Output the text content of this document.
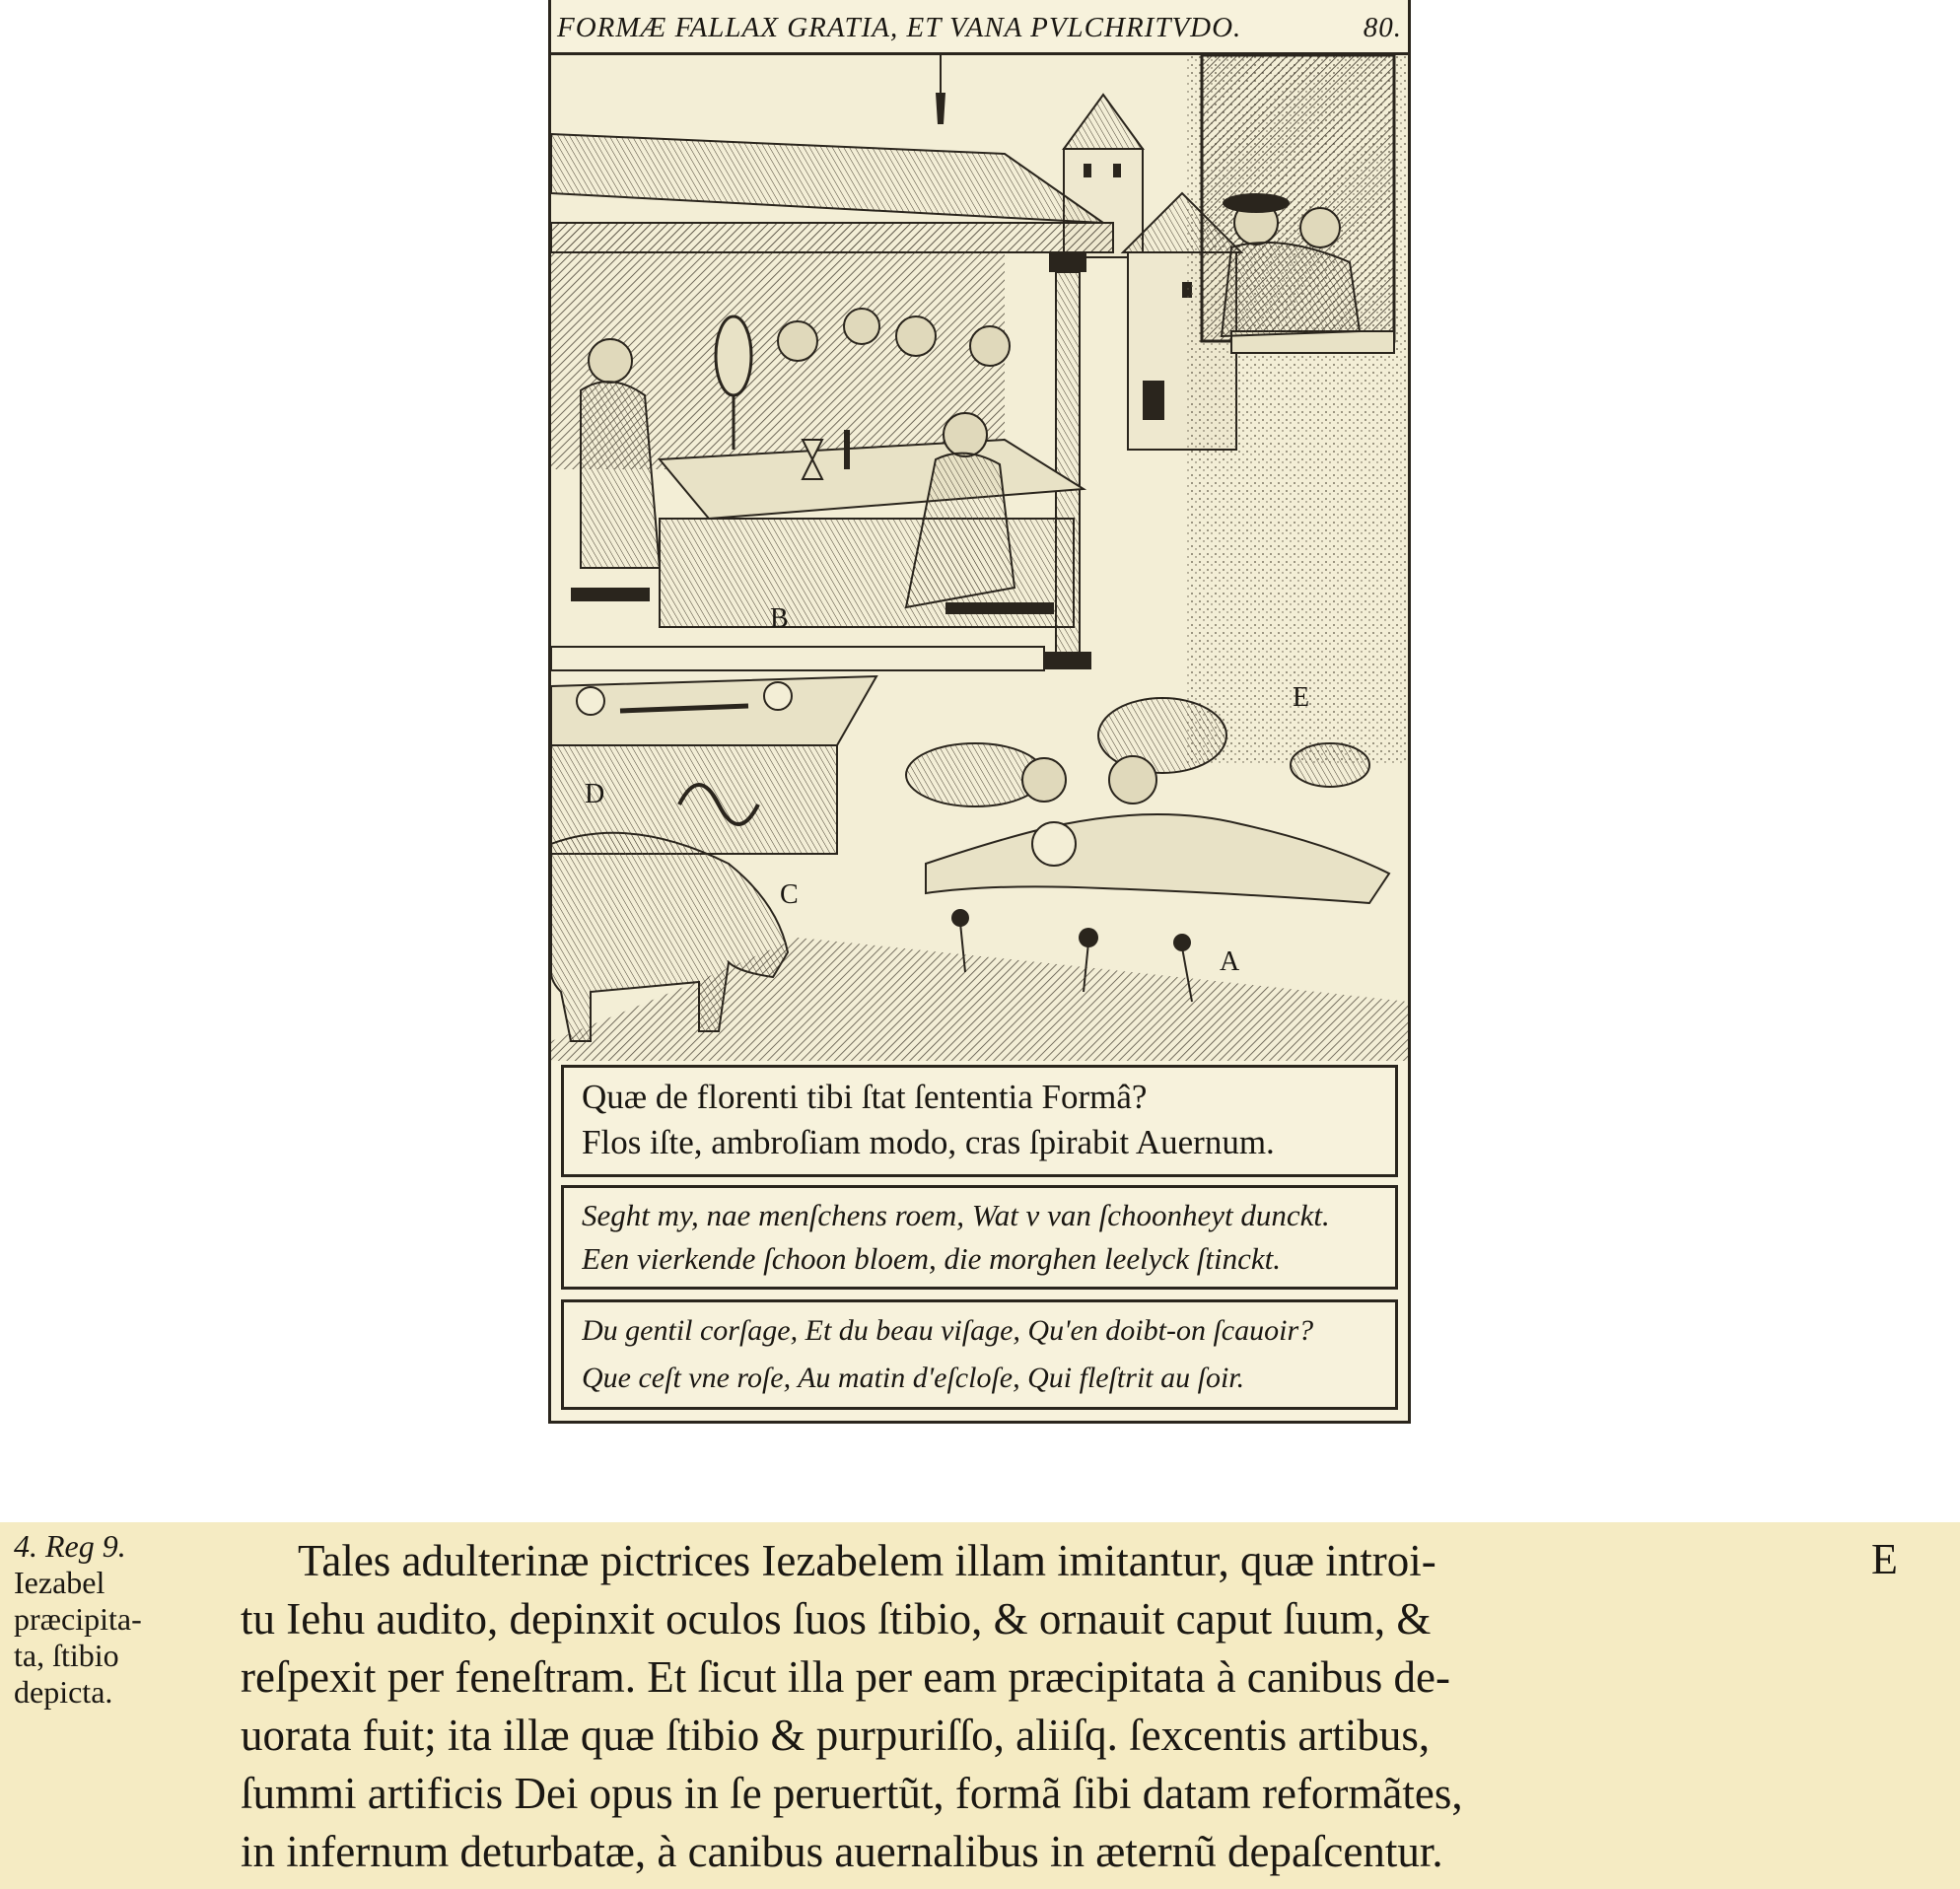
FORMÆ FALLAX GRATIA, ET VANA PVLCHRITVDO.	80.
B
D
E
C
A
Quæ de florenti tibi ſtat ſententia Formâ?
Flos iſte, ambroſiam modo, cras ſpirabit Auernum.
Seght my, nae menſchens roem, Wat v van ſchoonheyt dunckt.
Een vierkende ſchoon bloem, die morghen leelyck ſtinckt.
Du gentil corſage, Et du beau viſage, Qu'en doibt-on ſcauoir?
Que ceſt vne roſe, Au matin d'eſcloſe, Qui fleſtrit au ſoir.
4. Reg 9.
Iezabel
præcipita-
ta, ſtibio
depicta.
Tales adulterinæ pictrices Iezabelem illam imitantur, quæ introi-
tu Iehu audito, depinxit oculos ſuos ſtibio, & ornauit caput ſuum, &
reſpexit per feneſtram. Et ſicut illa per eam præcipitata à canibus de-
uorata fuit; ita illæ quæ ſtibio & purpuriſſo, aliiſq. ſexcentis artibus,
ſummi artificis Dei opus in ſe peruertũt, formã ſibi datam reformãtes,
in infernum deturbatæ, à canibus auernalibus in æternũ depaſcentur.
E
